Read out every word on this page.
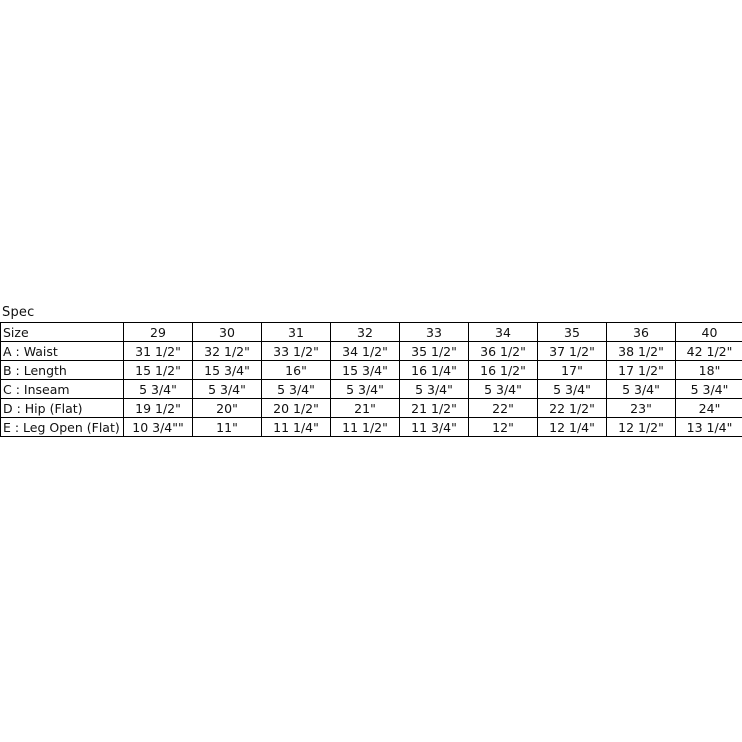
Spec
Size	29	30	31	32	33	34	35	36	40
A : Waist	31 1/2"	32 1/2"	33 1/2"	34 1/2"	35 1/2"	36 1/2"	37 1/2"	38 1/2"	42 1/2"
B : Length	15 1/2"	15 3/4"	16"	15 3/4"	16 1/4"	16 1/2"	17"	17 1/2"	18"
C : Inseam	5 3/4"	5 3/4"	5 3/4"	5 3/4"	5 3/4"	5 3/4"	5 3/4"	5 3/4"	5 3/4"
D : Hip (Flat)	19 1/2"	20"	20 1/2"	21"	21 1/2"	22"	22 1/2"	23"	24"
E : Leg Open (Flat)	10 3/4""	11"	11 1/4"	11 1/2"	11 3/4"	12"	12 1/4"	12 1/2"	13 1/4"
